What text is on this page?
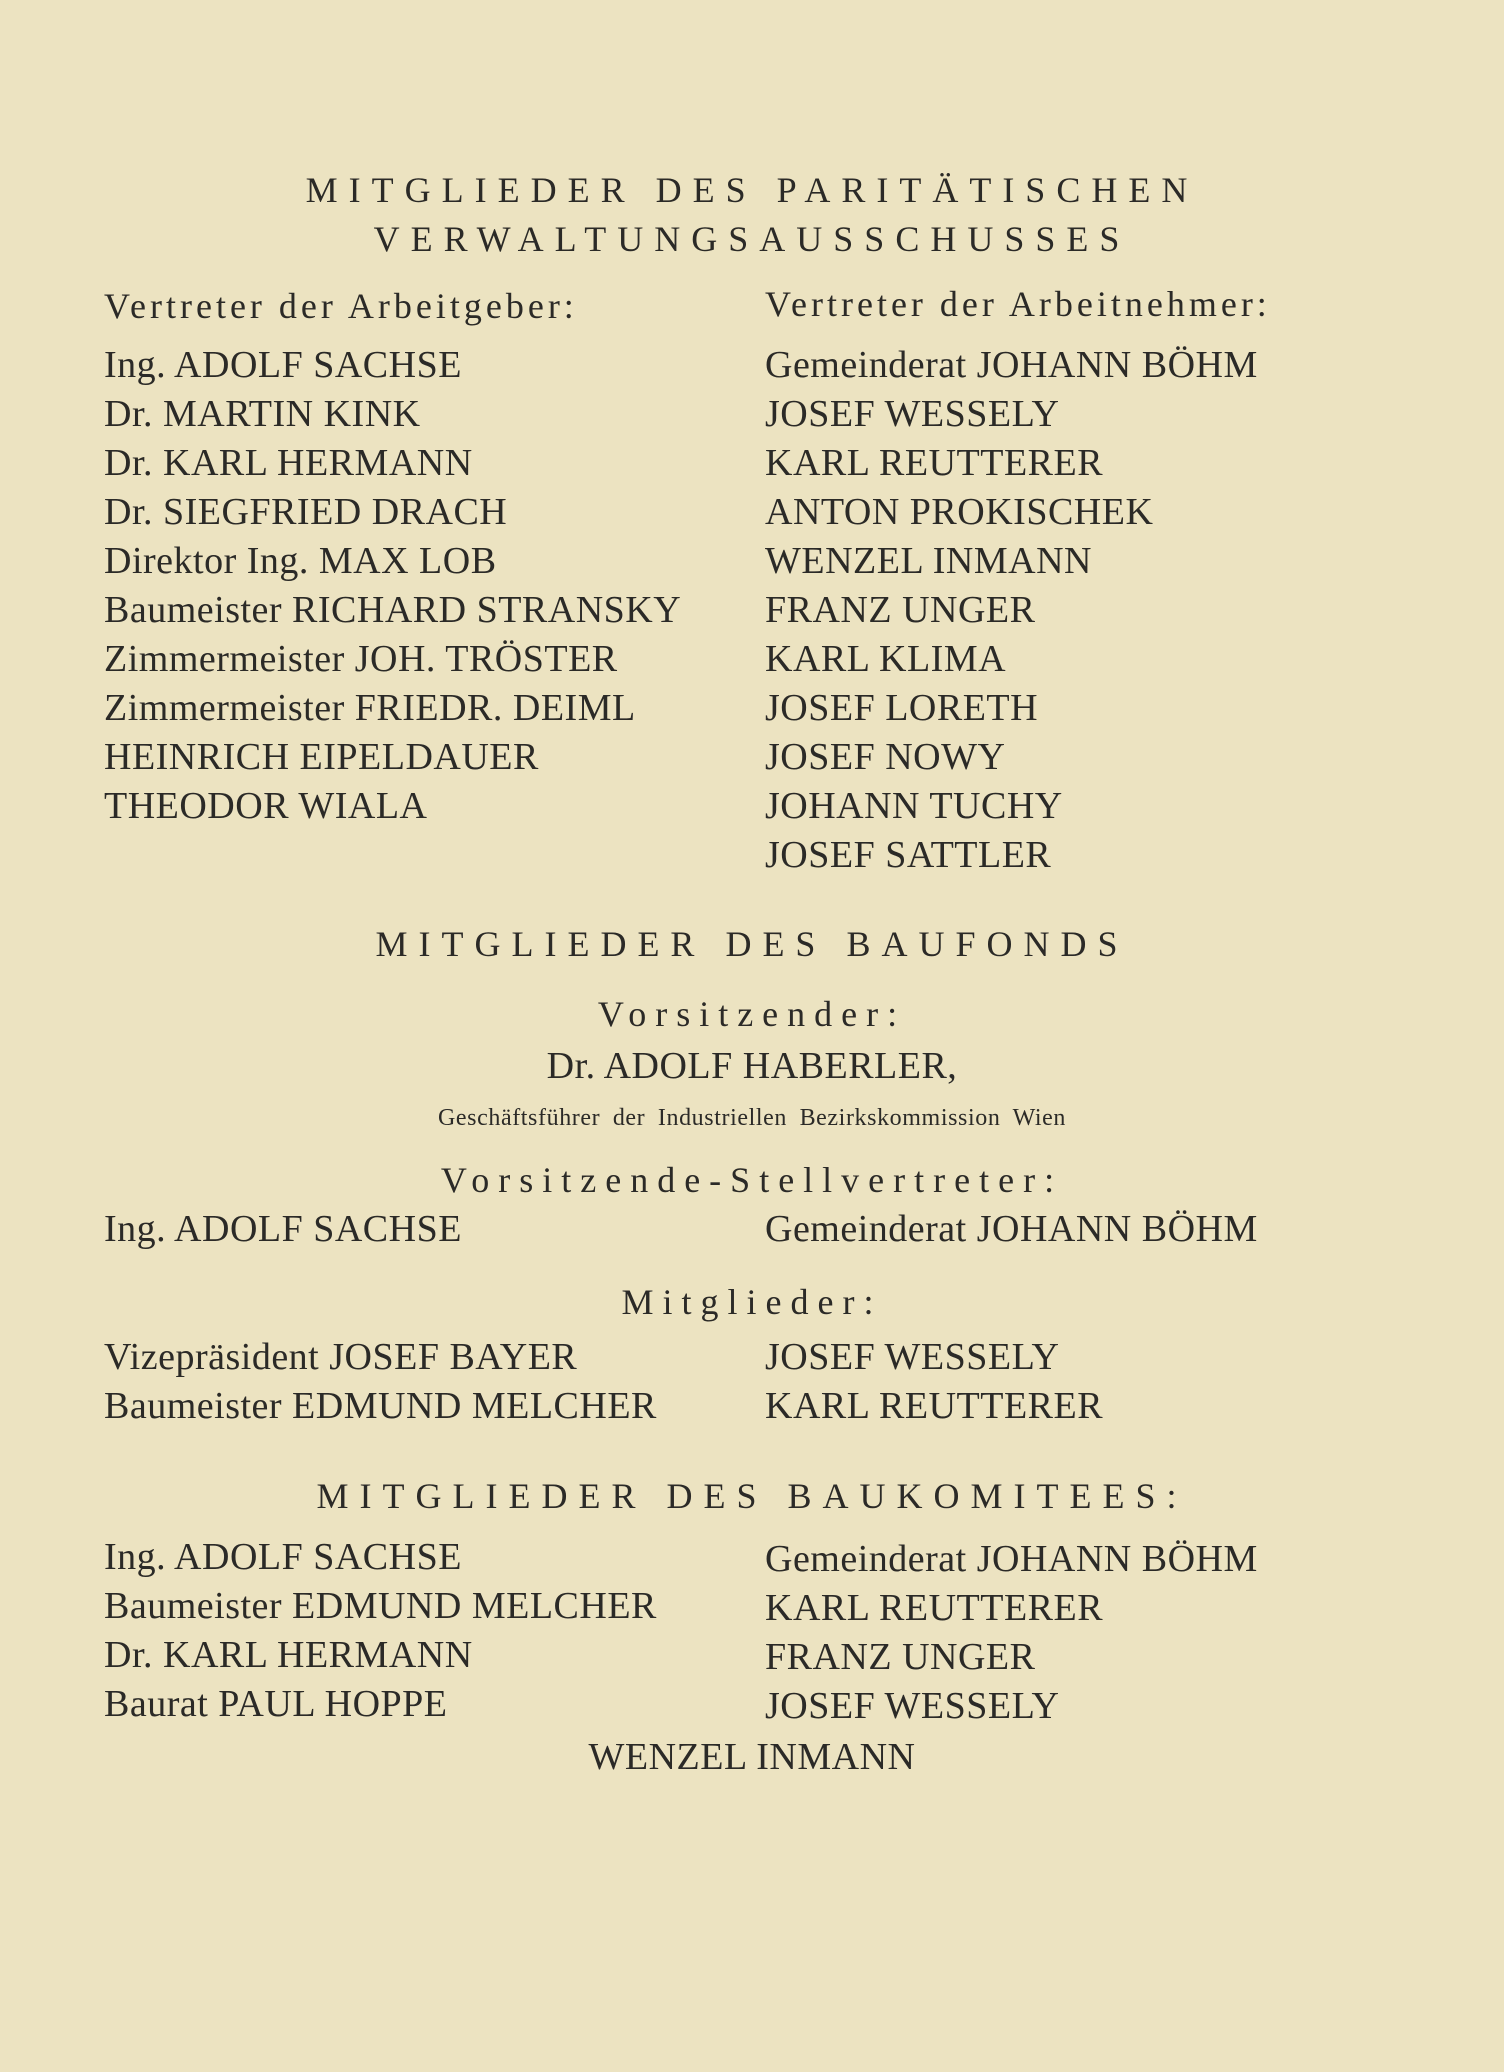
MITGLIEDER DES PARITÄTISCHEN
VERWALTUNGSAUSSCHUSSES
Vertreter der Arbeitgeber:	Vertreter der Arbeitnehmer:
Ing. ADOLF SACHSE
Dr. MARTIN KINK
Dr. KARL HERMANN
Dr. SIEGFRIED DRACH
Direktor Ing. MAX LOB
Baumeister RICHARD STRANSKY
Zimmermeister JOH. TRÖSTER
Zimmermeister FRIEDR. DEIML
HEINRICH EIPELDAUER
THEODOR WIALA
Gemeinderat JOHANN BÖHM
JOSEF WESSELY
KARL REUTTERER
ANTON PROKISCHEK
WENZEL INMANN
FRANZ UNGER
KARL KLIMA
JOSEF LORETH
JOSEF NOWY
JOHANN TUCHY
JOSEF SATTLER
MITGLIEDER DES BAUFONDS
Vorsitzender:
Dr. ADOLF HABERLER,
Geschäftsführer der Industriellen Bezirkskommission Wien
Vorsitzende-Stellvertreter:
Ing. ADOLF SACHSE	Gemeinderat JOHANN BÖHM
Mitglieder:
Vizepräsident JOSEF BAYER
Baumeister EDMUND MELCHER
JOSEF WESSELY
KARL REUTTERER
MITGLIEDER DES BAUKOMITEES:
Ing. ADOLF SACHSE
Baumeister EDMUND MELCHER
Dr. KARL HERMANN
Baurat PAUL HOPPE
Gemeinderat JOHANN BÖHM
KARL REUTTERER
FRANZ UNGER
JOSEF WESSELY
WENZEL INMANN
